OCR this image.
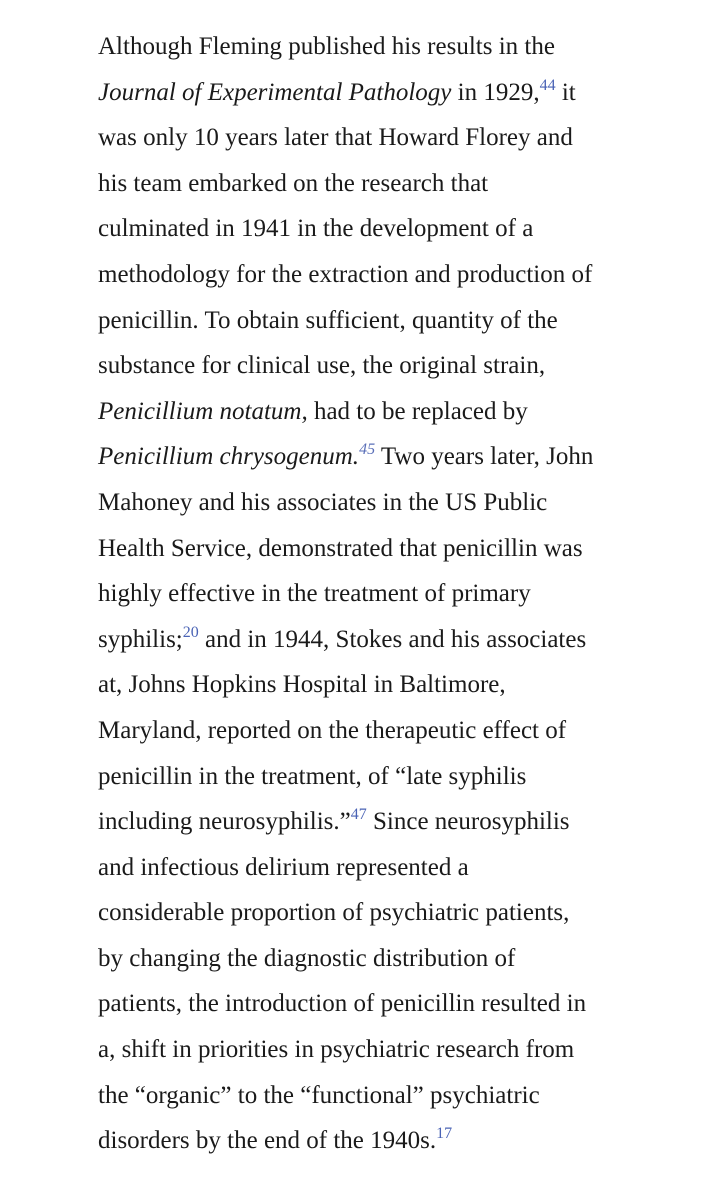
Although Fleming published his results in the
Journal of Experimental Pathology in 1929,44 it
was only 10 years later that Howard Florey and
his team embarked on the research that
culminated in 1941 in the development of a
methodology for the extraction and production of
penicillin. To obtain sufficient, quantity of the
substance for clinical use, the original strain,
Penicillium notatum, had to be replaced by
Penicillium chrysogenum.$^{45}$ Two years later, John
Mahoney and his associates in the US Public
Health Service, demonstrated that penicillin was
highly effective in the treatment of primary
syphilis;$^{20}$ and in 1944, Stokes and his associates
at, Johns Hopkins Hospital in Baltimore,
Maryland, reported on the therapeutic effect of
penicillin in the treatment, of “late syphilis
including neurosyphilis.”$^{47}$ Since neurosyphilis
and infectious delirium represented a
considerable proportion of psychiatric patients,
by changing the diagnostic distribution of
patients, the introduction of penicillin resulted in
a, shift in priorities in psychiatric research from
the “organic” to the “functional” psychiatric
disorders by the end of the 1940s.$^{17}$
